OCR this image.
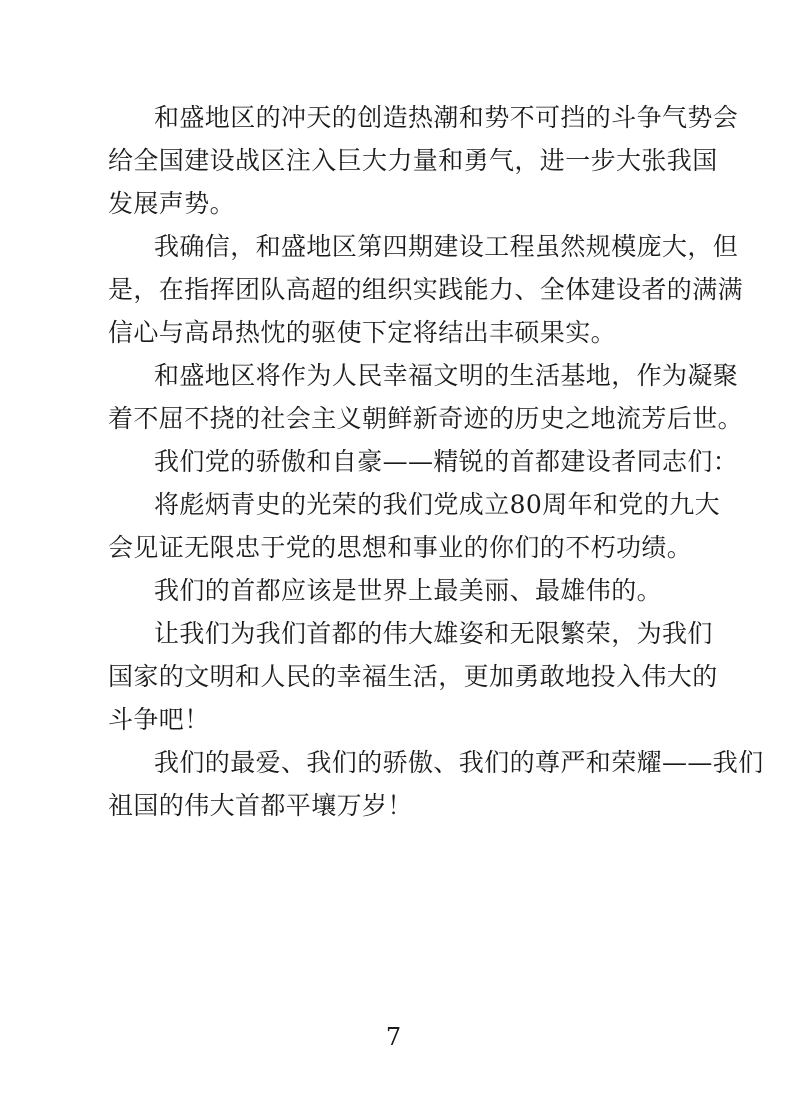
和盛地区的冲天的创造热潮和势不可挡的斗争气势会
给全国建设战区注入巨大力量和勇气，进一步大张我国
发展声势。
我确信，和盛地区第四期建设工程虽然规模庞大，但
是，在指挥团队高超的组织实践能力、全体建设者的满满
信心与高昂热忱的驱使下定将结出丰硕果实。
和盛地区将作为人民幸福文明的生活基地，作为凝聚
着不屈不挠的社会主义朝鲜新奇迹的历史之地流芳后世。
我们党的骄傲和自豪——精锐的首都建设者同志们：
将彪炳青史的光荣的我们党成立80周年和党的九大
会见证无限忠于党的思想和事业的你们的不朽功绩。
我们的首都应该是世界上最美丽、最雄伟的。
让我们为我们首都的伟大雄姿和无限繁荣，为我们
国家的文明和人民的幸福生活，更加勇敢地投入伟大的
斗争吧！
我们的最爱、我们的骄傲、我们的尊严和荣耀——我们
祖国的伟大首都平壤万岁！
7
